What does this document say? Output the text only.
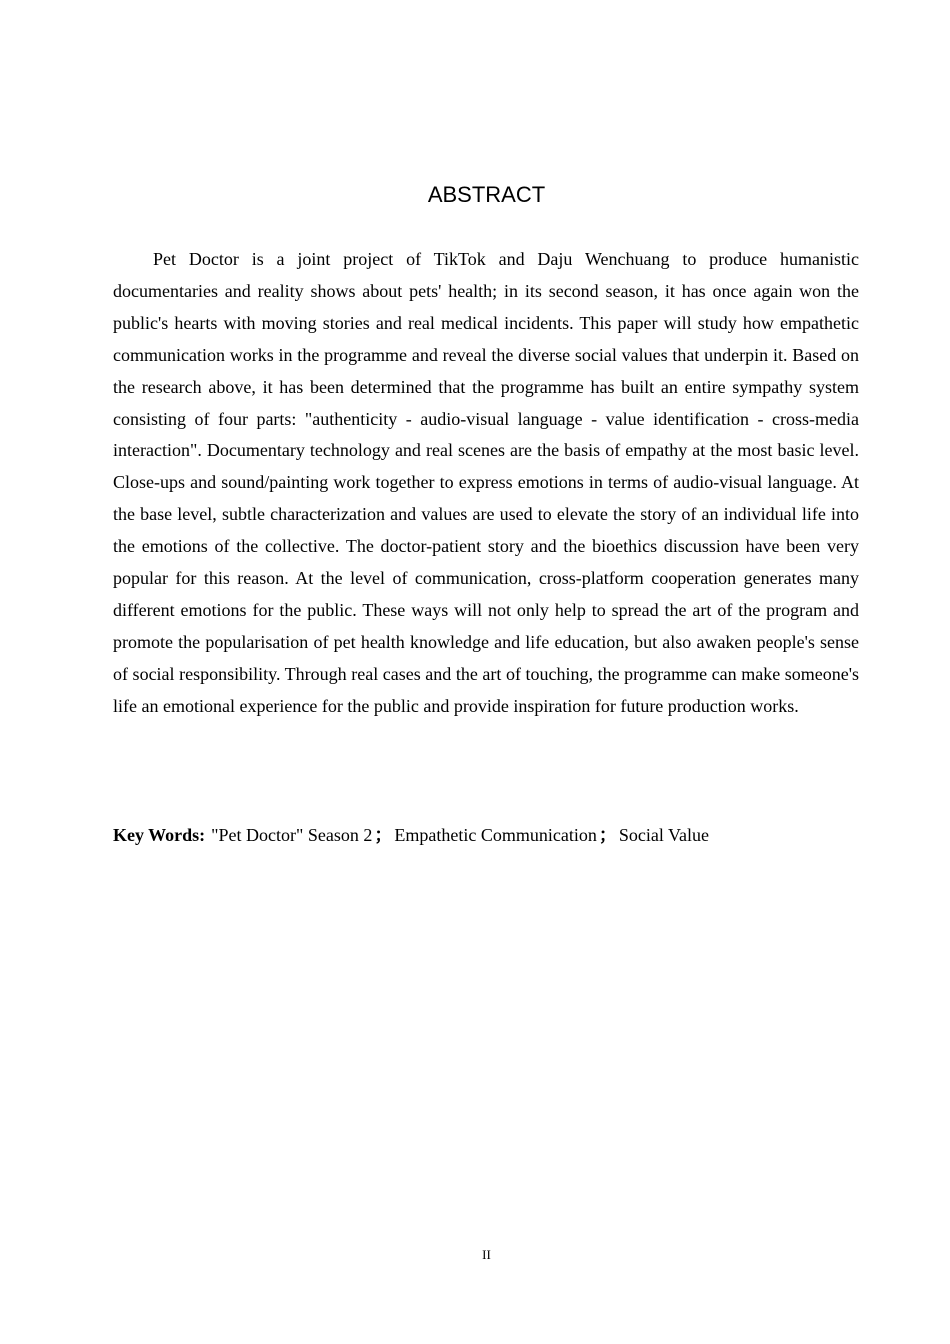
ABSTRACT

Pet Doctor is a joint project of TikTok and Daju Wenchuang to produce humanistic documentaries and reality shows about pets' health; in its second season, it has once again won the public's hearts with moving stories and real medical incidents. This paper will study how empathetic communication works in the programme and reveal the diverse social values that underpin it. Based on the research above, it has been determined that the programme has built an entire sympathy system consisting of four parts: "authenticity - audio-visual language - value identification - cross-media interaction". Documentary technology and real scenes are the basis of empathy at the most basic level. Close-ups and sound/painting work together to express emotions in terms of audio-visual language. At the base level, subtle characterization and values are used to elevate the story of an individual life into the emotions of the collective. The doctor-patient story and the bioethics discussion have been very popular for this reason. At the level of communication, cross-platform cooperation generates many different emotions for the public. These ways will not only help to spread the art of the program and promote the popularisation of pet health knowledge and life education, but also awaken people's sense of social responsibility. Through real cases and the art of touching, the programme can make someone's life an emotional experience for the public and provide inspiration for future production works.

Key Words: "Pet Doctor" Season 2 ； Empathetic Communication ； Social Value

II
